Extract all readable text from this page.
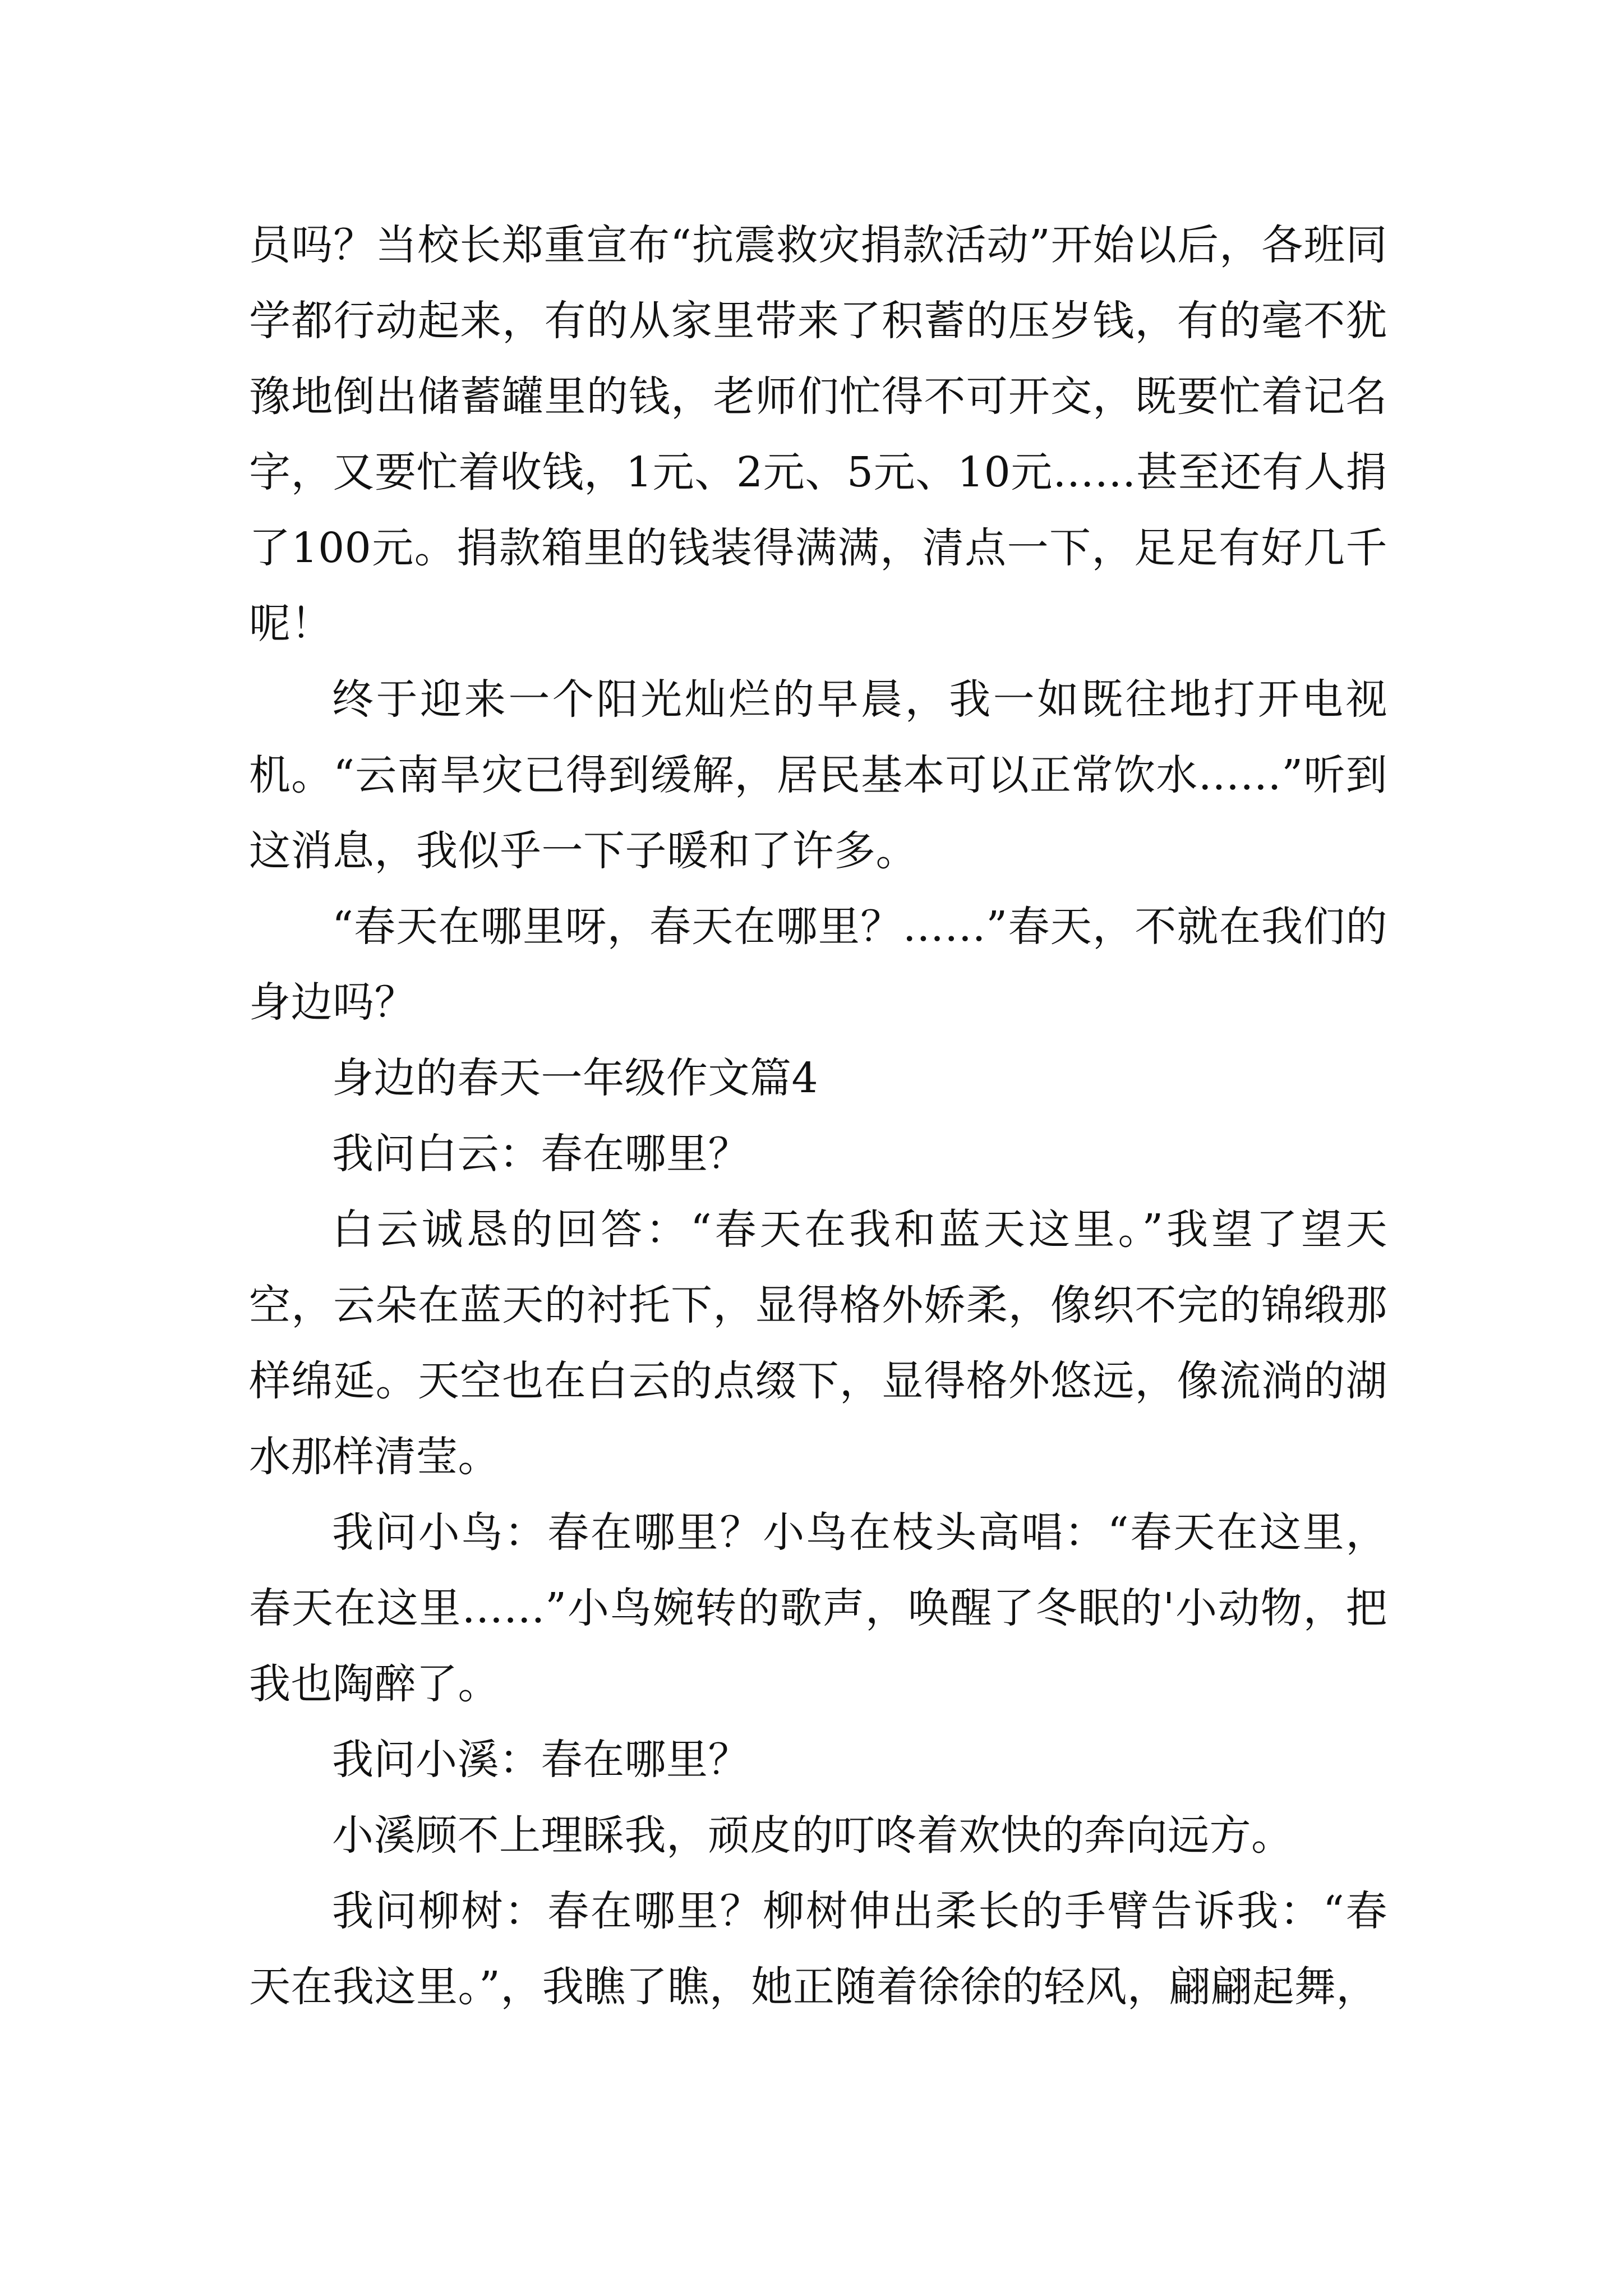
员吗？当校长郑重宣布“抗震救灾捐款活动”开始以后，各班同学都行动起来，有的从家里带来了积蓄的压岁钱，有的毫不犹豫地倒出储蓄罐里的钱，老师们忙得不可开交，既要忙着记名字，又要忙着收钱，1元、2元、5元、10元……甚至还有人捐了100元。捐款箱里的钱装得满满，清点一下，足足有好几千呢！

终于迎来一个阳光灿烂的早晨，我一如既往地打开电视机。“云南旱灾已得到缓解，居民基本可以正常饮水……”听到这消息，我似乎一下子暖和了许多。

“春天在哪里呀，春天在哪里？……”春天，不就在我们的身边吗？

身边的春天一年级作文篇4

我问白云：春在哪里？

白云诚恳的回答：“春天在我和蓝天这里。”我望了望天空，云朵在蓝天的衬托下，显得格外娇柔，像织不完的锦缎那样绵延。天空也在白云的点缀下，显得格外悠远，像流淌的湖水那样清莹。

我问小鸟：春在哪里？小鸟在枝头高唱：“春天在这里，春天在这里……”小鸟婉转的歌声，唤醒了冬眠的'小动物，把我也陶醉了。

我问小溪：春在哪里？

小溪顾不上理睬我，顽皮的叮咚着欢快的奔向远方。

我问柳树：春在哪里？柳树伸出柔长的手臂告诉我：“春天在我这里。”，我瞧了瞧，她正随着徐徐的轻风，翩翩起舞，
